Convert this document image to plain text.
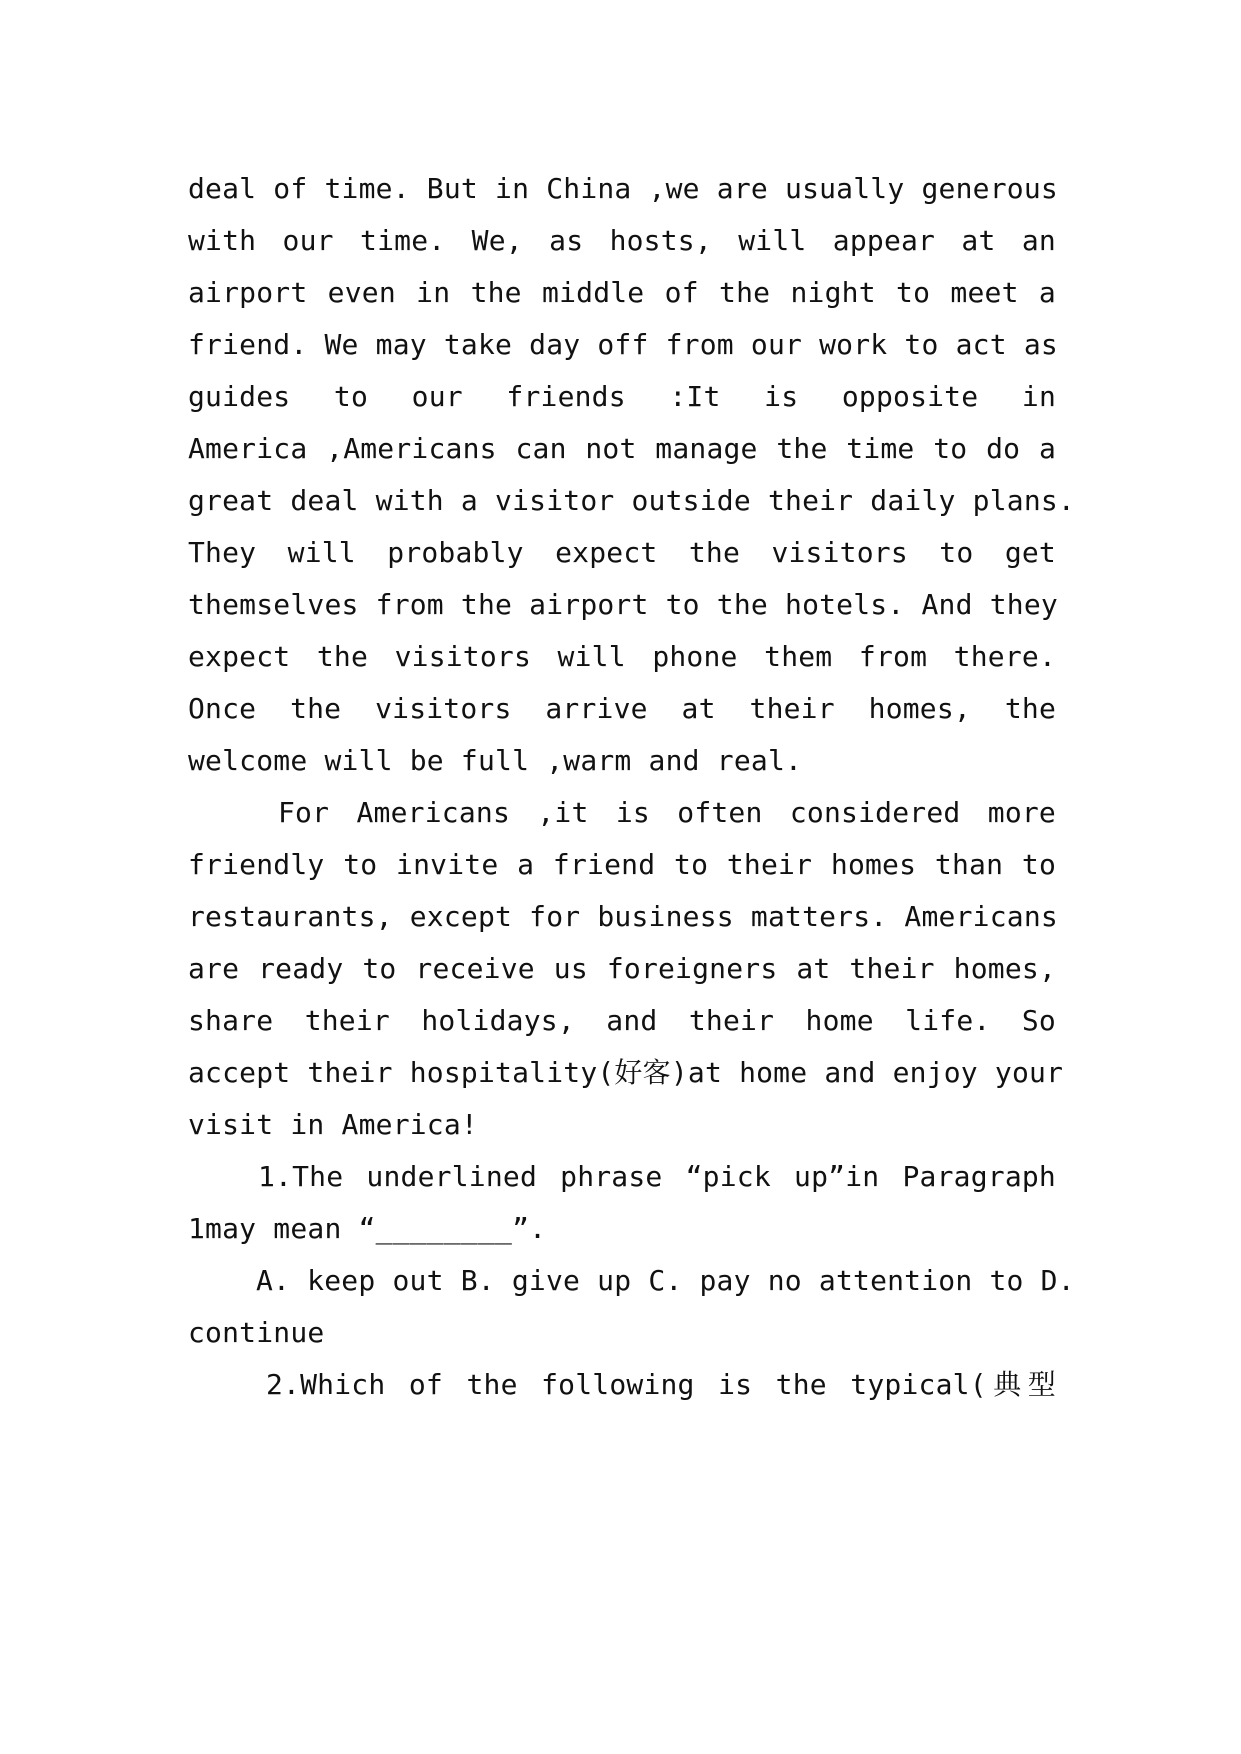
deal of time. But in China ,we are usually generous
with our time. We, as hosts, will appear at an
airport even in the middle of the night to meet a
friend. We may take day off from our work to act as
guides to our friends :It is opposite in
America ,Americans can not manage the time to do a
great deal with a visitor outside their daily plans.
They will probably expect the visitors to get
themselves from the airport to the hotels. And they
expect the visitors will phone them from there.
Once the visitors arrive at their homes, the
welcome will be full ,warm and real.
For Americans ,it is often considered more
friendly to invite a friend to their homes than to
restaurants, except for business matters. Americans
are ready to receive us foreigners at their homes,
share their holidays, and their home life. So
accept their hospitality(好客)at home and enjoy your
visit in America!
1.The underlined phrase “pick up”in Paragraph
1may mean “________”.
A. keep out B. give up C. pay no attention to D.
continue
2.Which of the following is the typical(典型
